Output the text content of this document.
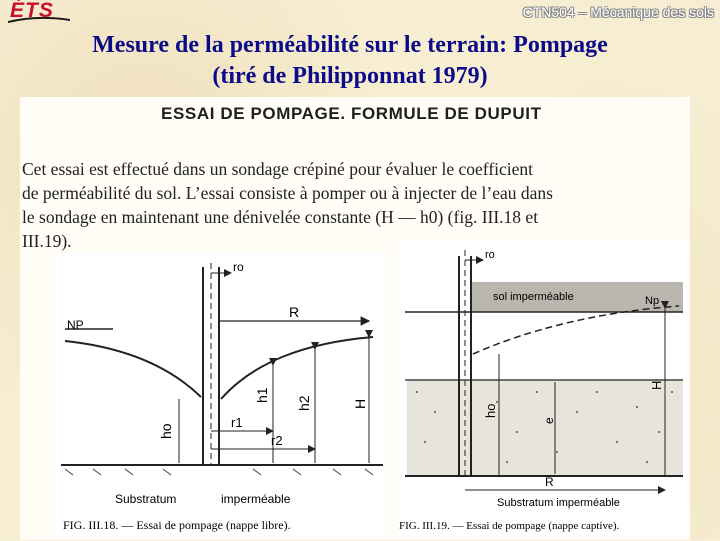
ÉTS	CTN504 – Mécanique des sols
Mesure de la perméabilité sur le terrain: Pompage
(tiré de Philipponnat 1979)
ESSAI DE POMPAGE. FORMULE DE DUPUIT
Cet essai est effectué dans un sondage crépiné pour évaluer le coefficient
de perméabilité du sol. L’essai consiste à pomper ou à injecter de l’eau dans
le sondage en maintenant une dénivelée constante (H — h0) (fig. III.18 et
III.19).
ro
R
NP
ho
h1
h2	H
r1
r2
Substratum	imperméable
FIG. III.18. — Essai de pompage (nappe libre).
sol imperméable
ro
Np
ho
e
H
R
Substratum imperméable
FIG. III.19. — Essai de pompage (nappe captive).
